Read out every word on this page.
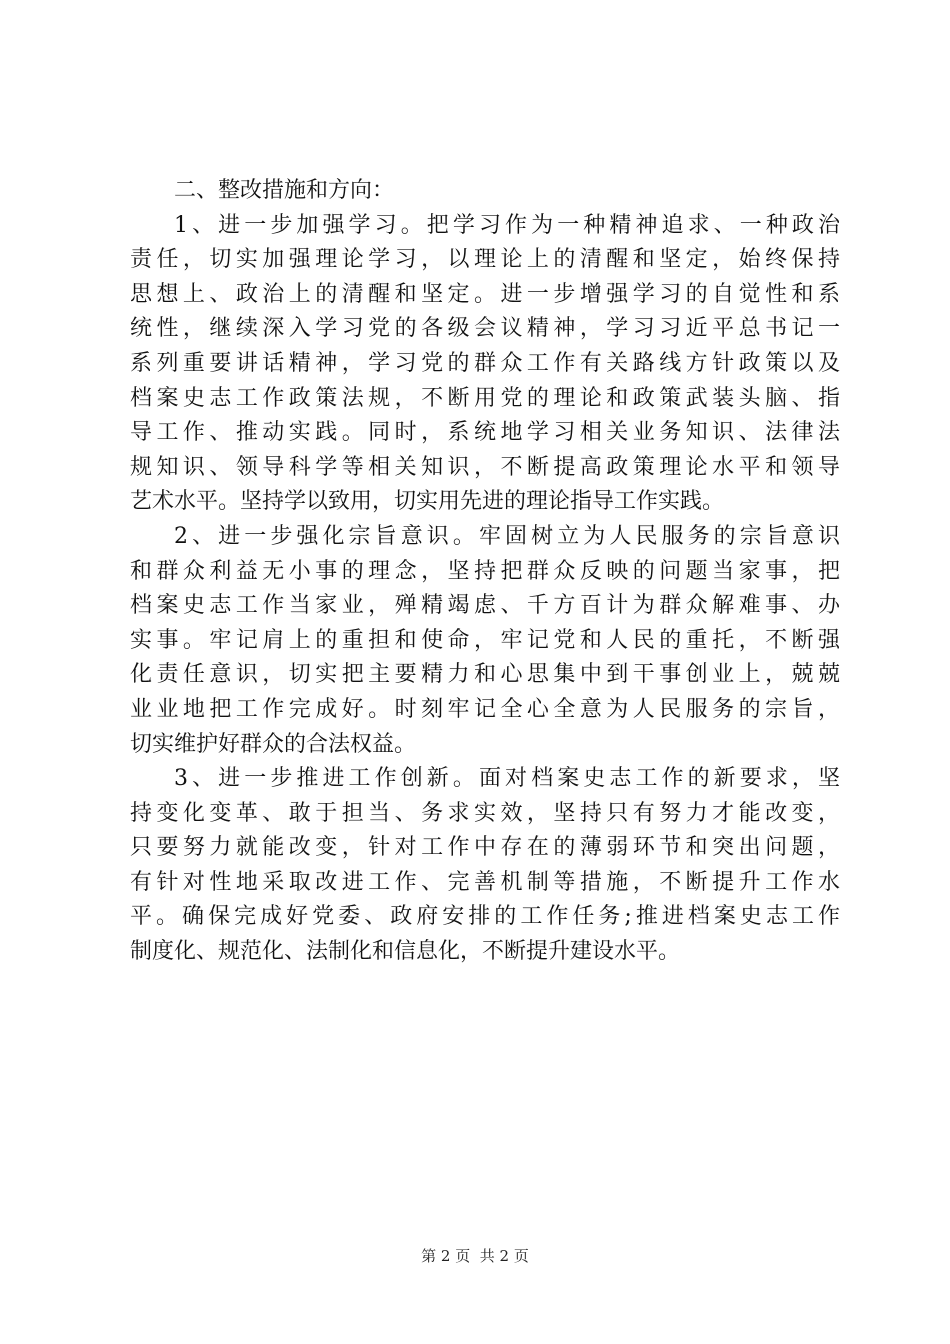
二、整改措施和方向：
1、进一步加强学习。把学习作为一种精神追求、一种政治
责任，切实加强理论学习，以理论上的清醒和坚定，始终保持
思想上、政治上的清醒和坚定。进一步增强学习的自觉性和系
统性，继续深入学习党的各级会议精神，学习习近平总书记一
系列重要讲话精神，学习党的群众工作有关路线方针政策以及
档案史志工作政策法规，不断用党的理论和政策武装头脑、指
导工作、推动实践。同时，系统地学习相关业务知识、法律法
规知识、领导科学等相关知识，不断提高政策理论水平和领导
艺术水平。坚持学以致用，切实用先进的理论指导工作实践。
2、进一步强化宗旨意识。牢固树立为人民服务的宗旨意识
和群众利益无小事的理念，坚持把群众反映的问题当家事，把
档案史志工作当家业，殚精竭虑、千方百计为群众解难事、办
实事。牢记肩上的重担和使命，牢记党和人民的重托，不断强
化责任意识，切实把主要精力和心思集中到干事创业上，兢兢
业业地把工作完成好。时刻牢记全心全意为人民服务的宗旨，
切实维护好群众的合法权益。
3、进一步推进工作创新。面对档案史志工作的新要求，坚
持变化变革、敢于担当、务求实效，坚持只有努力才能改变，
只要努力就能改变，针对工作中存在的薄弱环节和突出问题，
有针对性地采取改进工作、完善机制等措施，不断提升工作水
平。确保完成好党委、政府安排的工作任务;推进档案史志工作
制度化、规范化、法制化和信息化，不断提升建设水平。
第 2 页  共 2 页
